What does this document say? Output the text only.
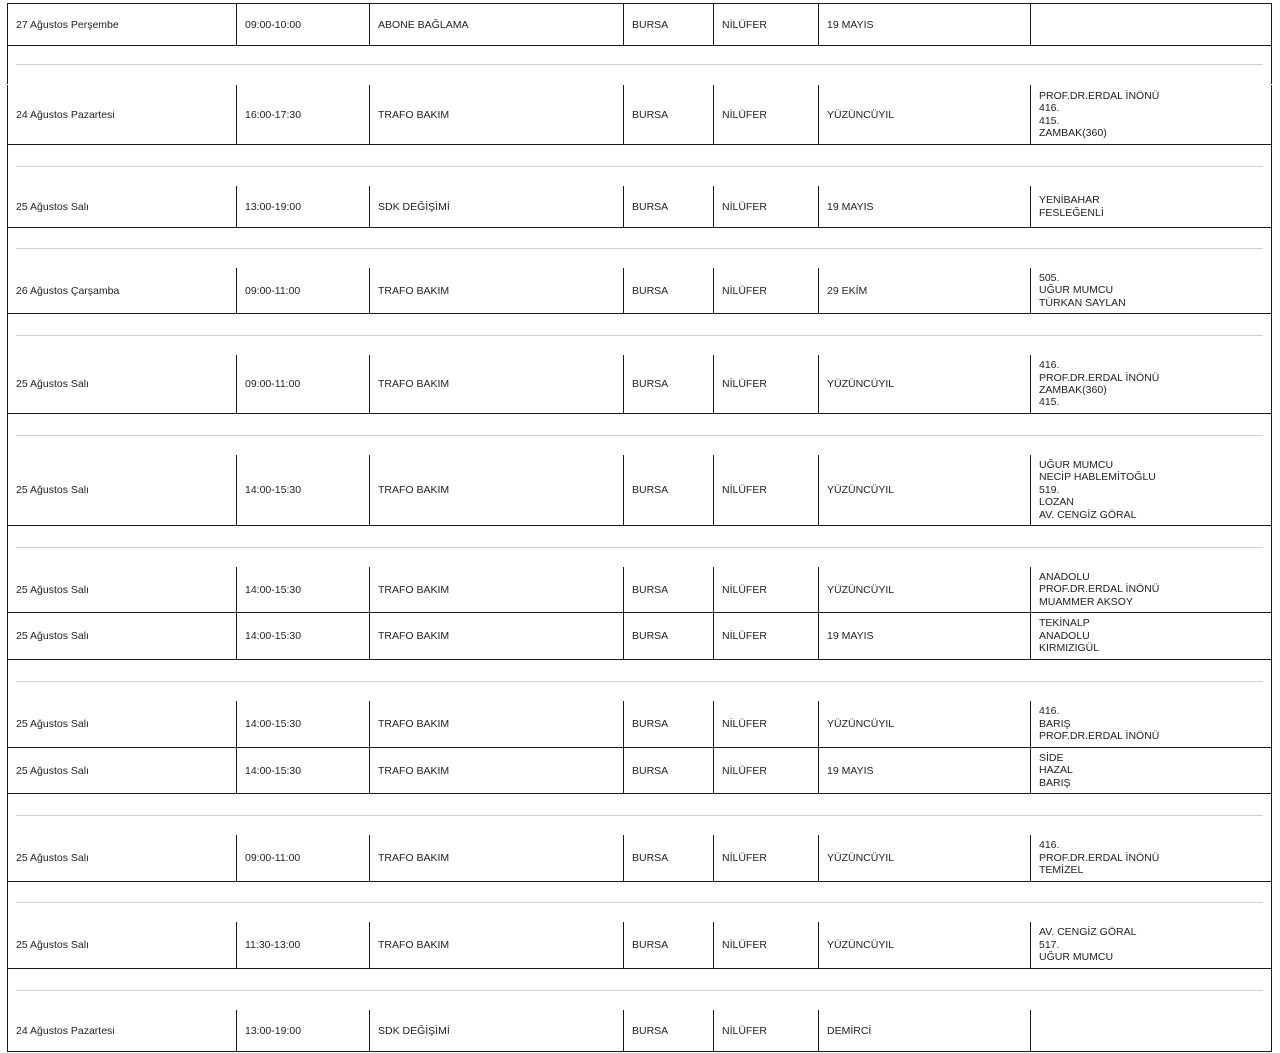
27 Ağustos Perşembe	09:00-10:00	ABONE BAĞLAMA	BURSA	NİLÜFER	19 MAYIS
24 Ağustos Pazartesi	16:00-17:30	TRAFO BAKIM	BURSA	NİLÜFER	YÜZÜNCÜYIL
PROF.DR.ERDAL İNÖNÜ
416.
415.
ZAMBAK(360)
25 Ağustos Salı	13:00-19:00	SDK DEĞİŞİMİ	BURSA	NİLÜFER	19 MAYIS
YENİBAHAR
FESLEĞENLİ
26 Ağustos Çarşamba	09:00-11:00	TRAFO BAKIM	BURSA	NİLÜFER	29 EKİM
505.
UĞUR MUMCU
TÜRKAN SAYLAN
25 Ağustos Salı	09:00-11:00	TRAFO BAKIM	BURSA	NİLÜFER	YÜZÜNCÜYIL
416.
PROF.DR.ERDAL İNÖNÜ
ZAMBAK(360)
415.
25 Ağustos Salı	14:00-15:30	TRAFO BAKIM	BURSA	NİLÜFER	YÜZÜNCÜYIL
UĞUR MUMCU
NECİP HABLEMİTOĞLU
519.
LOZAN
AV. CENGİZ GÖRAL
25 Ağustos Salı	14:00-15:30	TRAFO BAKIM	BURSA	NİLÜFER	YÜZÜNCÜYIL
ANADOLU
PROF.DR.ERDAL İNÖNÜ
MUAMMER AKSOY
25 Ağustos Salı	14:00-15:30	TRAFO BAKIM	BURSA	NİLÜFER	19 MAYIS
TEKİNALP
ANADOLU
KIRMIZIGÜL
25 Ağustos Salı	14:00-15:30	TRAFO BAKIM	BURSA	NİLÜFER	YÜZÜNCÜYIL
416.
BARIŞ
PROF.DR.ERDAL İNÖNÜ
25 Ağustos Salı	14:00-15:30	TRAFO BAKIM	BURSA	NİLÜFER	19 MAYIS
SİDE
HAZAL
BARIŞ
25 Ağustos Salı	09:00-11:00	TRAFO BAKIM	BURSA	NİLÜFER	YÜZÜNCÜYIL
416.
PROF.DR.ERDAL İNÖNÜ
TEMİZEL
25 Ağustos Salı	11:30-13:00	TRAFO BAKIM	BURSA	NİLÜFER	YÜZÜNCÜYIL
AV. CENGİZ GÖRAL
517.
UĞUR MUMCU
24 Ağustos Pazartesi	13:00-19:00	SDK DEĞİŞİMİ	BURSA	NİLÜFER	DEMİRCİ
